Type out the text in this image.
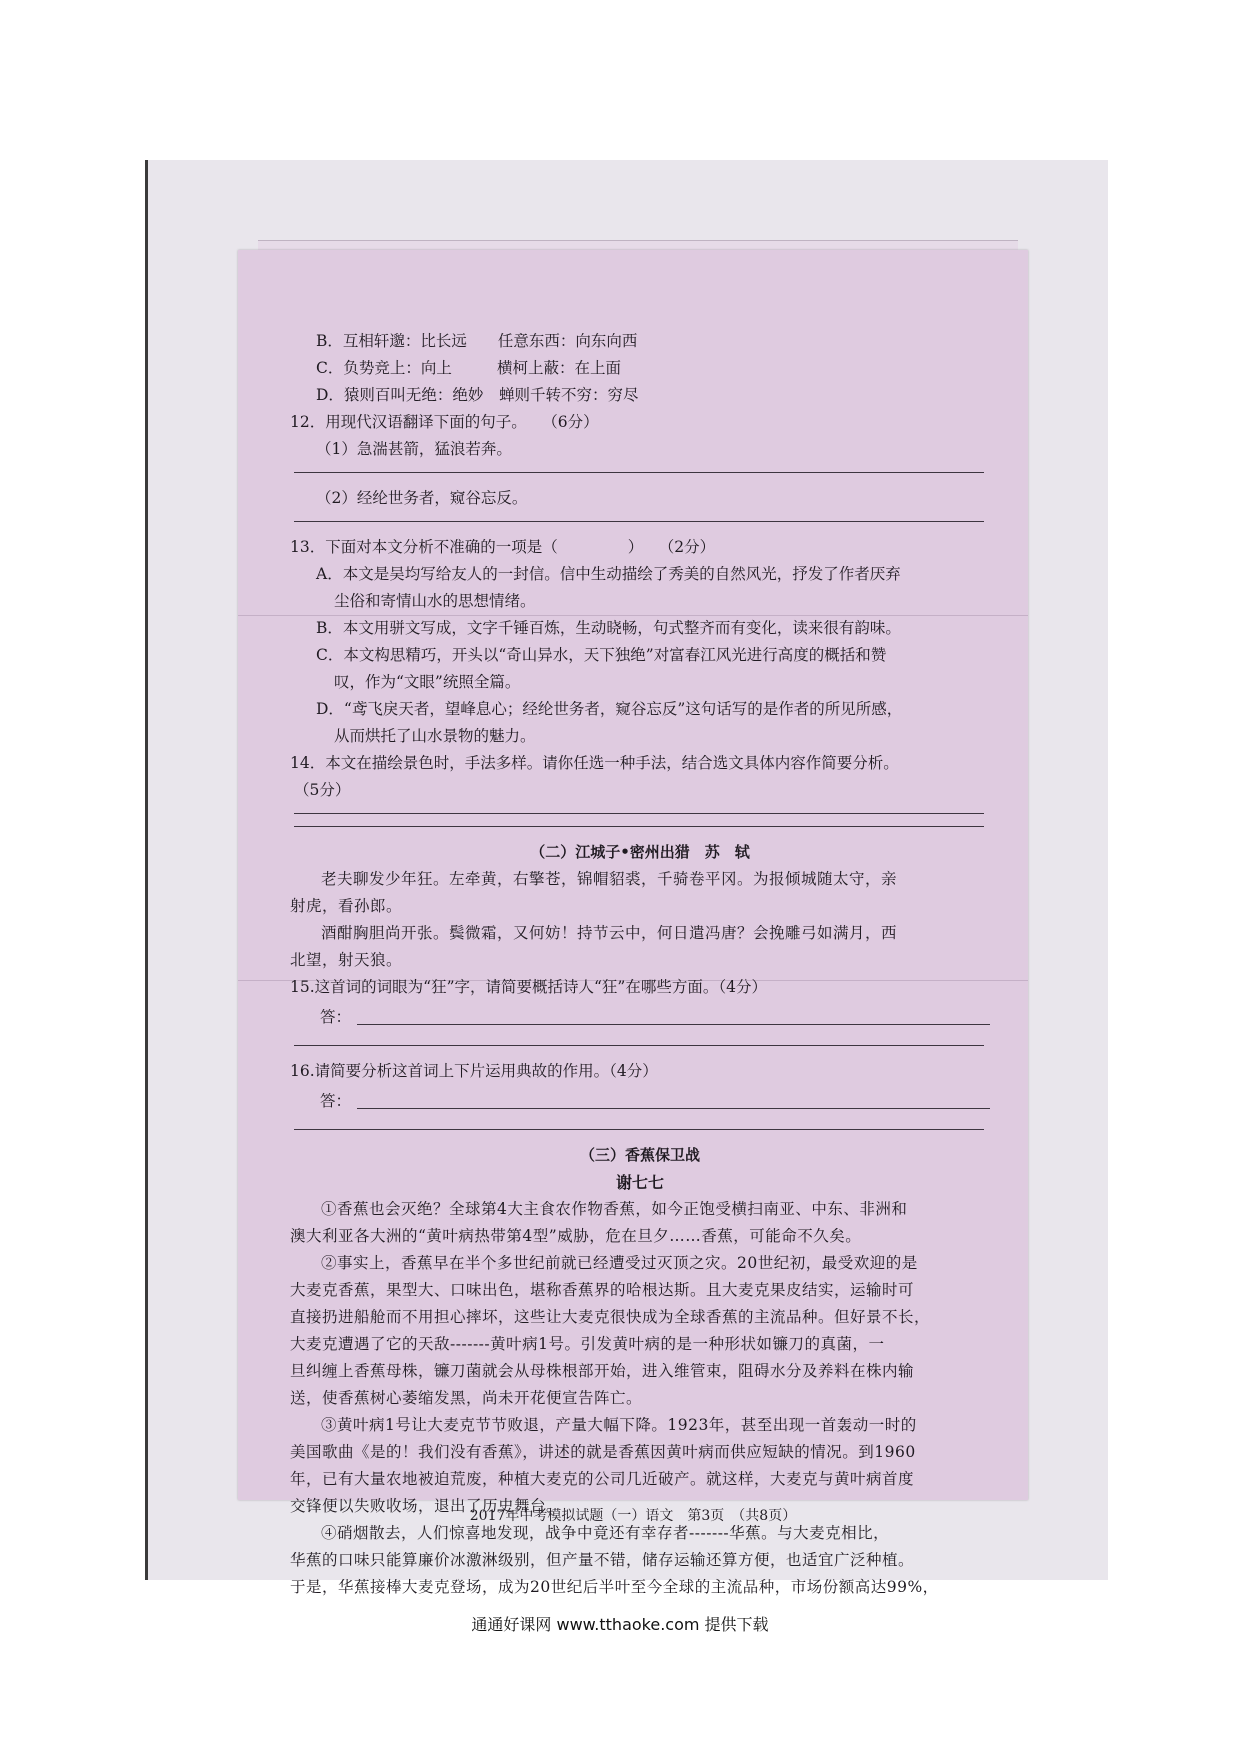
B．互相轩邈：比长远　　 任意东西：向东向西
C．负势竞上：向上　　	横柯上蔽：在上面
D．猿则百叫无绝：绝妙　 蝉则千转不穷：穷尽
12．用现代汉语翻译下面的句子。　　 （6分）
（1）急湍甚箭，猛浪若奔。
（2）经纶世务者，窥谷忘反。
13．下面对本文分析不准确的一项是（	）　　 （2分）
A．本文是吴均写给友人的一封信。信中生动描绘了秀美的自然风光，抒发了作者厌弃
尘俗和寄情山水的思想情绪。
B．本文用骈文写成，文字千锤百炼，生动晓畅，句式整齐而有变化，读来很有韵味。
C．本文构思精巧，开头以“奇山异水，天下独绝”对富春江风光进行高度的概括和赞
叹，作为“文眼”统照全篇。
D．“鸢飞戾天者，望峰息心；经纶世务者，窥谷忘反”这句话写的是作者的所见所感，
从而烘托了山水景物的魅力。
14．本文在描绘景色时，手法多样。请你任选一种手法，结合选文具体内容作简要分析。
（5分）
（二）江城子•密州出猎　苏　轼
老夫聊发少年狂。左牵黄，右擎苍，锦帽貂裘，千骑卷平冈。为报倾城随太守，亲
射虎，看孙郎。
酒酣胸胆尚开张。鬓微霜，又何妨！持节云中，何日遣冯唐？会挽雕弓如满月，西
北望，射天狼。
15.这首词的词眼为“狂”字，请简要概括诗人“狂”在哪些方面。（4分）
答：
16.请简要分析这首词上下片运用典故的作用。（4分）
答：
（三）香蕉保卫战
谢七七
①香蕉也会灭绝？全球第4大主食农作物香蕉，如今正饱受横扫南亚、中东、非洲和
澳大利亚各大洲的“黄叶病热带第4型”威胁，危在旦夕……香蕉，可能命不久矣。
②事实上，香蕉早在半个多世纪前就已经遭受过灭顶之灾。20世纪初，最受欢迎的是
大麦克香蕉，果型大、口味出色，堪称香蕉界的哈根达斯。且大麦克果皮结实，运输时可
直接扔进船舱而不用担心摔坏，这些让大麦克很快成为全球香蕉的主流品种。但好景不长，
大麦克遭遇了它的天敌-------黄叶病1号。引发黄叶病的是一种形状如镰刀的真菌，一
旦纠缠上香蕉母株，镰刀菌就会从母株根部开始，进入维管束，阻碍水分及养料在株内输
送，使香蕉树心萎缩发黑，尚未开花便宣告阵亡。
③黄叶病1号让大麦克节节败退，产量大幅下降。1923年，甚至出现一首轰动一时的
美国歌曲《是的！我们没有香蕉》，讲述的就是香蕉因黄叶病而供应短缺的情况。到1960
年，已有大量农地被迫荒废，种植大麦克的公司几近破产。就这样，大麦克与黄叶病首度
交锋便以失败收场，退出了历史舞台。
④硝烟散去，人们惊喜地发现，战争中竟还有幸存者-------华蕉。与大麦克相比，
华蕉的口味只能算廉价冰激淋级别，但产量不错，储存运输还算方便，也适宜广泛种植。
于是，华蕉接棒大麦克登场，成为20世纪后半叶至今全球的主流品种，市场份额高达99%，
2017年中考模拟试题（一）语文　第3页　（共8页）
通通好课网 www.tthaoke.com 提供下载
